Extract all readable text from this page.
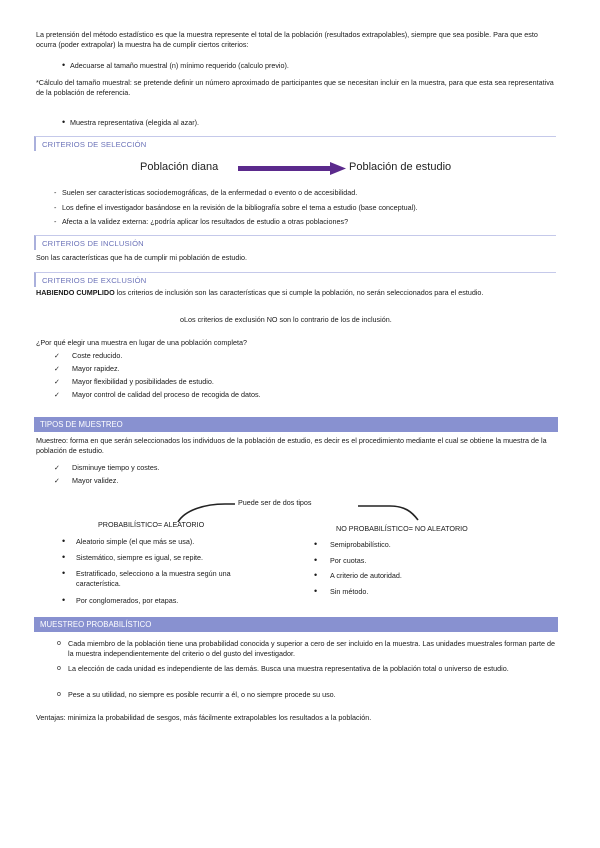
La pretensión del método estadístico es que la muestra represente el total de la población (resultados extrapolables), siempre que sea posible. Para que esto ocurra (poder extrapolar) la muestra ha de cumplir ciertos criterios:
• Adecuarse al tamaño muestral (n) mínimo requerido (calculo previo).
*Cálculo del tamaño muestral: se pretende definir un número aproximado de participantes que se necesitan incluir en la muestra, para que esta sea representativa de la población de referencia.
• Muestra representativa (elegida al azar).
CRITERIOS DE SELECCIÓN
Población diana	Población de estudio
- Suelen ser características sociodemográficas, de la enfermedad o evento o de accesibilidad.
- Los define el investigador basándose en la revisión de la bibliografía sobre el tema a estudio (base conceptual).
- Afecta a la validez externa: ¿podría aplicar los resultados de estudio a otras poblaciones?
CRITERIOS DE INCLUSIÓN
Son las características que ha de cumplir mi población de estudio.
CRITERIOS DE EXCLUSIÓN
HABIENDO CUMPLIDO los criterios de inclusión son las características que si cumple la población, no serán seleccionados para el estudio.
oLos criterios de exclusión NO son lo contrario de los de inclusión.
¿Por qué elegir una muestra en lugar de una población completa?
✓ Coste reducido.
✓ Mayor rapidez.
✓ Mayor flexibilidad y posibilidades de estudio.
✓ Mayor control de calidad del proceso de recogida de datos.
TIPOS DE MUESTREO
Muestreo: forma en que serán seleccionados los individuos de la población de estudio, es decir es el procedimiento mediante el cual se obtiene la muestra de la población de estudio.
✓ Disminuye tiempo y costes.
✓ Mayor validez.
Puede ser de dos tipos
PROBABILÍSTICO= ALEATORIO
• Aleatorio simple (el que más se usa).
• Sistemático, siempre es igual, se repite.
• Estratificado, selecciono a la muestra según una característica.
• Por conglomerados, por etapas.
NO PROBABILÍSTICO= NO ALEATORIO
• Semiprobabilístico.
• Por cuotas.
• A criterio de autoridad.
• Sin método.
MUESTREO PROBABILÍSTICO
o Cada miembro de la población tiene una probabilidad conocida y superior a cero de ser incluido en la muestra. Las unidades muestrales forman parte de la muestra independientemente del criterio o del gusto del investigador.
o La elección de cada unidad es independiente de las demás. Busca una muestra representativa de la población total o universo de estudio.
o Pese a su utilidad, no siempre es posible recurrir a él, o no siempre procede su uso.
Ventajas: minimiza la probabilidad de sesgos, más fácilmente extrapolables los resultados a la población.
